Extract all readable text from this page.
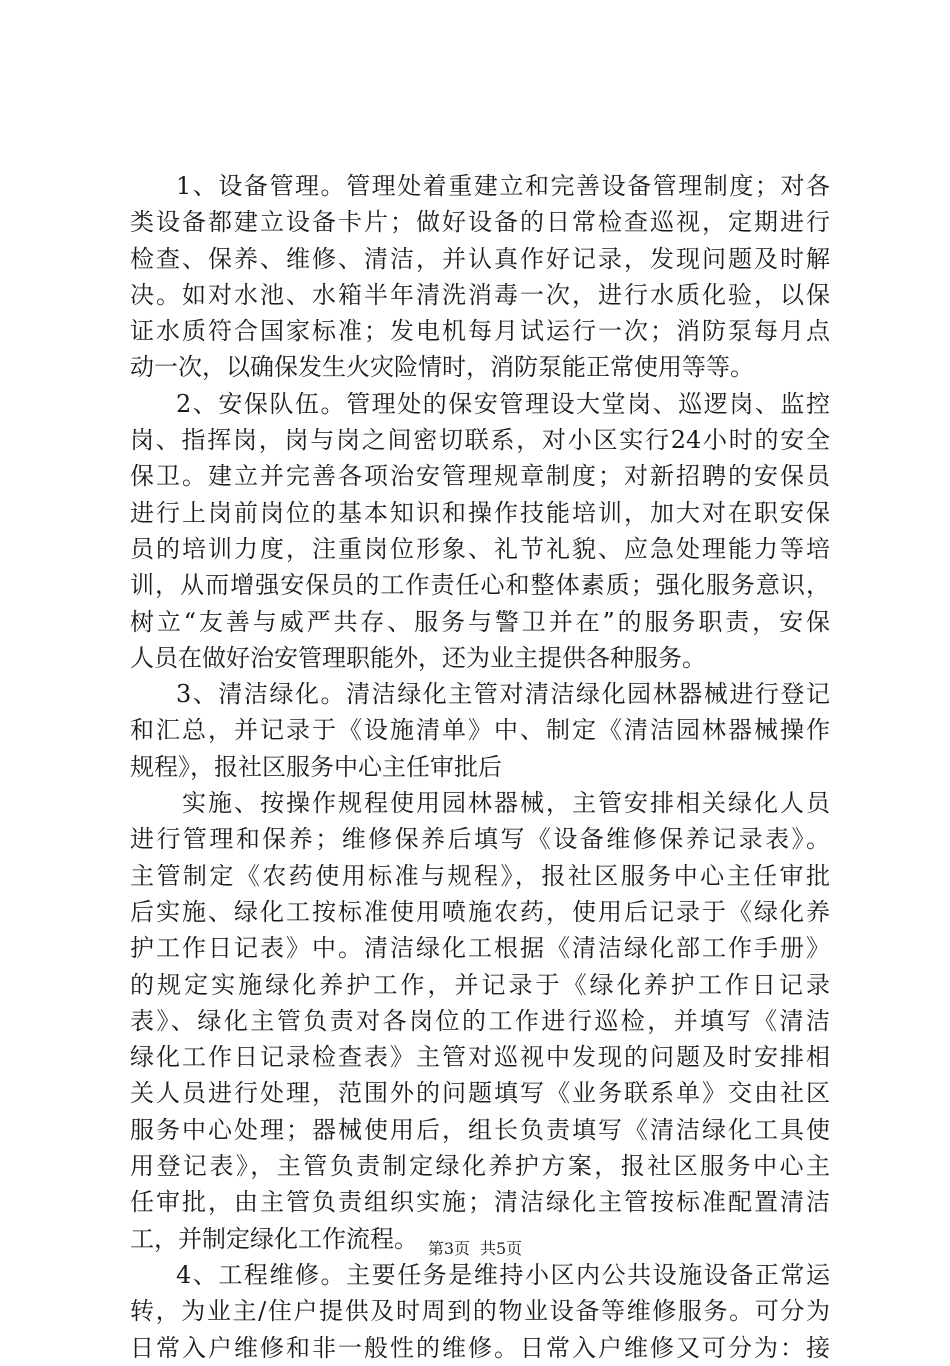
1、设备管理。管理处着重建立和完善设备管理制度；对各
类设备都建立设备卡片；做好设备的日常检查巡视，定期进行
检查、保养、维修、清洁，并认真作好记录，发现问题及时解
决。如对水池、水箱半年清洗消毒一次，进行水质化验，以保
证水质符合国家标准；发电机每月试运行一次；消防泵每月点
动一次，以确保发生火灾险情时，消防泵能正常使用等等。
2、安保队伍。管理处的保安管理设大堂岗、巡逻岗、监控
岗、指挥岗，岗与岗之间密切联系，对小区实行24小时的安全
保卫。建立并完善各项治安管理规章制度；对新招聘的安保员
进行上岗前岗位的基本知识和操作技能培训，加大对在职安保
员的培训力度，注重岗位形象、礼节礼貌、应急处理能力等培
训，从而增强安保员的工作责任心和整体素质；强化服务意识，
树立“友善与威严共存、服务与警卫并在”的服务职责，安保
人员在做好治安管理职能外，还为业主提供各种服务。
3、清洁绿化。清洁绿化主管对清洁绿化园林器械进行登记
和汇总，并记录于《设施清单》中、制定《清洁园林器械操作
规程》，报社区服务中心主任审批后
实施、按操作规程使用园林器械，主管安排相关绿化人员
进行管理和保养；维修保养后填写《设备维修保养记录表》。
主管制定《农药使用标准与规程》，报社区服务中心主任审批
后实施、绿化工按标准使用喷施农药，使用后记录于《绿化养
护工作日记表》中。清洁绿化工根据《清洁绿化部工作手册》
的规定实施绿化养护工作，并记录于《绿化养护工作日记录
表》、绿化主管负责对各岗位的工作进行巡检，并填写《清洁
绿化工作日记录检查表》主管对巡视中发现的问题及时安排相
关人员进行处理，范围外的问题填写《业务联系单》交由社区
服务中心处理；器械使用后，组长负责填写《清洁绿化工具使
用登记表》，主管负责制定绿化养护方案，报社区服务中心主
任审批，由主管负责组织实施；清洁绿化主管按标准配置清洁
工，并制定绿化工作流程。
4、工程维修。主要任务是维持小区内公共设施设备正常运
转，为业主/住户提供及时周到的物业设备等维修服务。可分为
日常入户维修和非一般性的维修。日常入户维修又可分为：接
第3页 共5页
